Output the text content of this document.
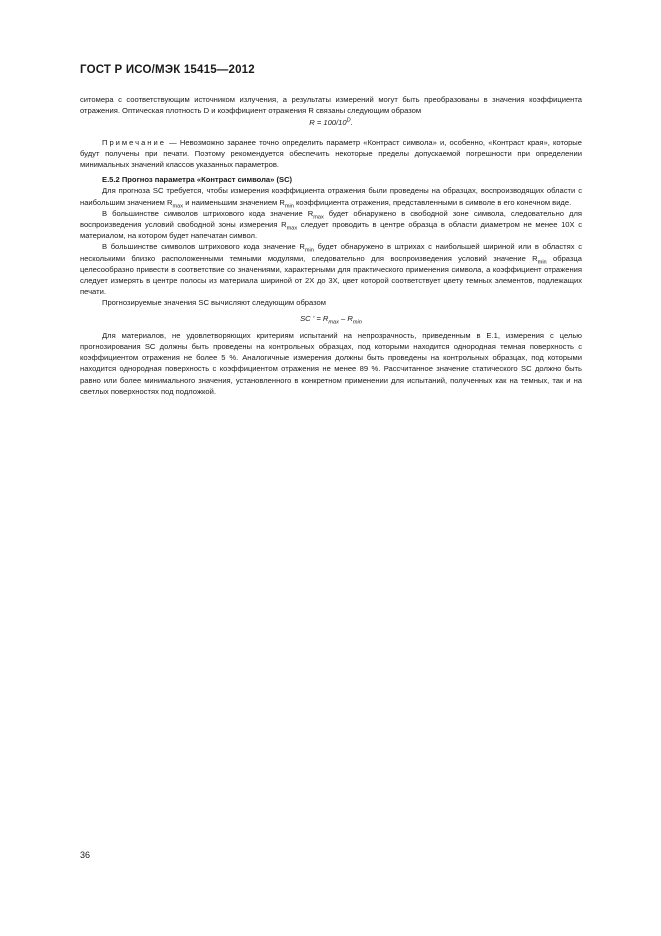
ГОСТ Р ИСО/МЭК 15415—2012

ситомера с соответствующим источником излучения, а результаты измерений могут быть преобразованы в значения коэффициента отражения. Оптическая плотность D и коэффициент отражения R связаны следующим образом

$R = 100/10^D$.

Примечание — Невозможно заранее точно определить параметр «Контраст символа» и, особенно, «Контраст края», которые будут получены при печати. Поэтому рекомендуется обеспечить некоторые пределы допускаемой погрешности при определении минимальных значений классов указанных параметров.

Е.5.2 Прогноз параметра «Контраст символа» (SC)

Для прогноза SC требуется, чтобы измерения коэффициента отражения были проведены на образцах, воспроизводящих области с наибольшим значением $R_{max}$ и наименьшим значением $R_{min}$ коэффициента отражения, представленными в символе в его конечном виде.

В большинстве символов штрихового кода значение $R_{max}$ будет обнаружено в свободной зоне символа, следовательно для воспроизведения условий свободной зоны измерения $R_{max}$ следует проводить в центре образца в области диаметром не менее 10X с материалом, на котором будет напечатан символ.

В большинстве символов штрихового кода значение $R_{min}$ будет обнаружено в штрихах с наибольшей шириной или в областях с несколькими близко расположенными темными модулями, следовательно для воспроизведения условий значение $R_{min}$ образца целесообразно привести в соответствие со значениями, характерными для практического применения символа, а коэффициент отражения следует измерять в центре полосы из материала шириной от 2X до 3X, цвет которой соответствует цвету темных элементов, подлежащих печати.

Прогнозируемые значения SC вычисляют следующим образом

SC ' = $R_{max} - R_{min}$

Для материалов, не удовлетворяющих критериям испытаний на непрозрачность, приведенным в Е.1, измерения с целью прогнозирования SC должны быть проведены на контрольных образцах, под которыми находится однородная темная поверхность с коэффициентом отражения не более 5 %. Аналогичные измерения должны быть проведены на контрольных образцах, под которыми находится однородная поверхность с коэффициентом отражения не менее 89 %. Рассчитанное значение статического SC должно быть равно или более минимального значения, установленного в конкретном применении для испытаний, полученных как на темных, так и на светлых поверхностях под подложкой.

36
